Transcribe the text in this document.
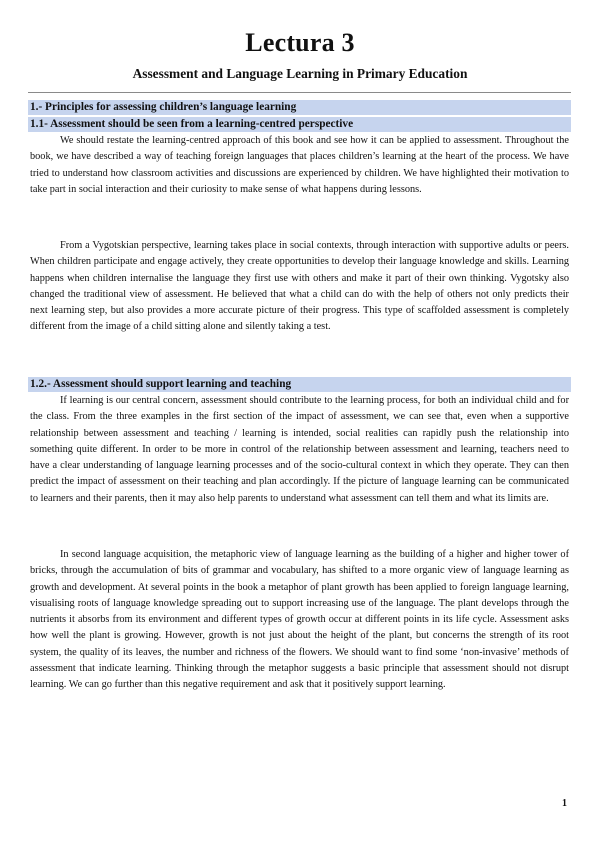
Lectura 3
Assessment and Language Learning in Primary Education
1.- Principles for assessing children’s language learning
1.1- Assessment should be seen from a learning-centred perspective

We should restate the learning-centred approach of this book and see how it can be applied to assessment. Throughout the book, we have described a way of teaching foreign languages that places children’s learning at the heart of the process. We have tried to understand how classroom activities and discussions are experienced by children. We have highlighted their motivation to take part in social interaction and their curiosity to make sense of what happens during lessons.

From a Vygotskian perspective, learning takes place in social contexts, through interaction with supportive adults or peers. When children participate and engage actively, they create opportunities to develop their language knowledge and skills. Learning happens when children internalise the language they first use with others and make it part of their own thinking. Vygotsky also changed the traditional view of assessment. He believed that what a child can do with the help of others not only predicts their next learning step, but also provides a more accurate picture of their progress. This type of scaffolded assessment is completely different from the image of a child sitting alone and silently taking a test.

1.2.- Assessment should support learning and teaching

If learning is our central concern, assessment should contribute to the learning process, for both an individual child and for the class. From the three examples in the first section of the impact of assessment, we can see that, even when a supportive relationship between assessment and teaching / learning is intended, social realities can rapidly push the relationship into something quite different. In order to be more in control of the relationship between assessment and learning, teachers need to have a clear understanding of language learning processes and of the socio-cultural context in which they operate. They can then predict the impact of assessment on their teaching and plan accordingly. If the picture of language learning can be communicated to learners and their parents, then it may also help parents to understand what assessment can tell them and what its limits are.

In second language acquisition, the metaphoric view of language learning as the building of a higher and higher tower of bricks, through the accumulation of bits of grammar and vocabulary, has shifted to a more organic view of language learning as growth and development. At several points in the book a metaphor of plant growth has been applied to foreign language learning, visualising roots of language knowledge spreading out to support increasing use of the language. The plant develops through the nutrients it absorbs from its environment and different types of growth occur at different points in its life cycle. Assessment asks how well the plant is growing. However, growth is not just about the height of the plant, but concerns the strength of its root system, the quality of its leaves, the number and richness of the flowers. We should want to find some ‘non-invasive’ methods of assessment that indicate learning. Thinking through the metaphor suggests a basic principle that assessment should not disrupt learning. We can go further than this negative requirement and ask that it positively support learning.

1
